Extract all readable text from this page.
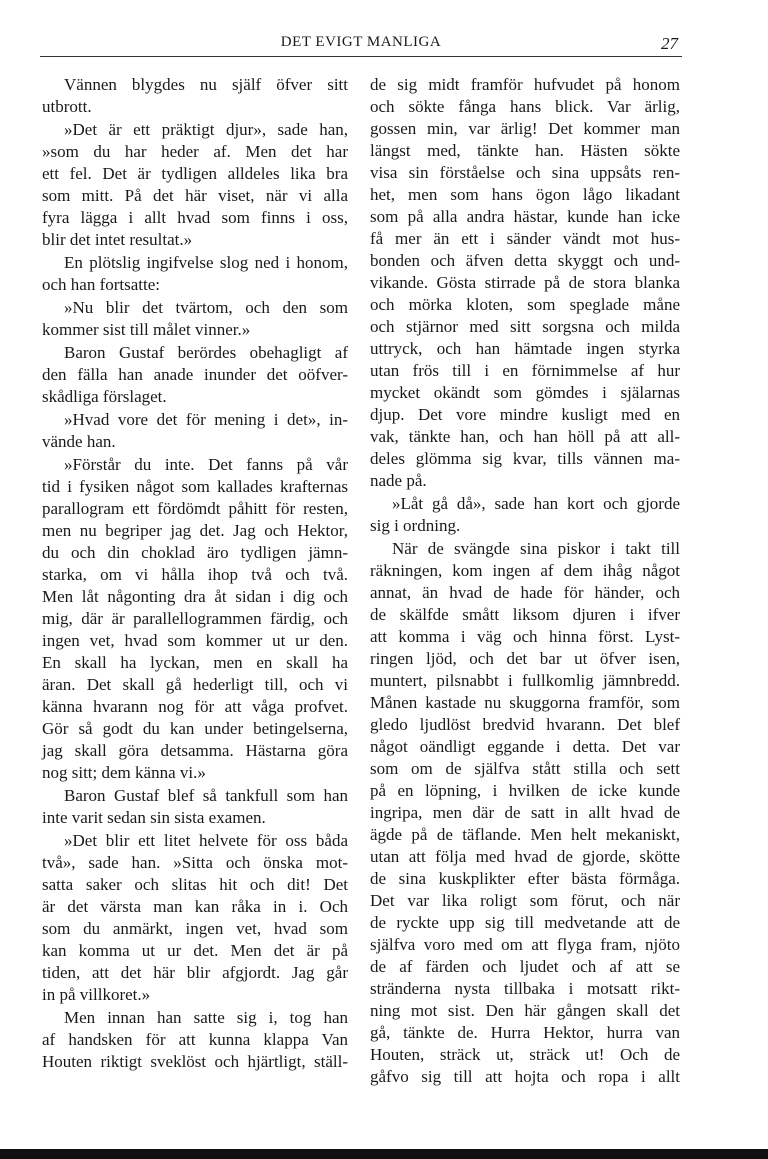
DET EVIGT MANLIGA	27
Vännen blygdes nu själf öfver sitt
utbrott.
»Det är ett präktigt djur», sade han,
»som du har heder af. Men det har
ett fel. Det är tydligen alldeles lika bra
som mitt. På det här viset, när vi alla
fyra lägga i allt hvad som finns i oss,
blir det intet resultat.»
En plötslig ingifvelse slog ned i honom,
och han fortsatte:
»Nu blir det tvärtom, och den som
kommer sist till målet vinner.»
Baron Gustaf berördes obehagligt af
den fälla han anade inunder det oöfver-
skådliga förslaget.
»Hvad vore det för mening i det», in-
vände han.
»Förstår du inte. Det fanns på vår
tid i fysiken något som kallades krafternas
parallogram ett fördömdt påhitt för resten,
men nu begriper jag det. Jag och Hektor,
du och din choklad äro tydligen jämn-
starka, om vi hålla ihop två och två.
Men låt någonting dra åt sidan i dig och
mig, där är parallellogrammen färdig, och
ingen vet, hvad som kommer ut ur den.
En skall ha lyckan, men en skall ha
äran. Det skall gå hederligt till, och vi
känna hvarann nog för att våga profvet.
Gör så godt du kan under betingelserna,
jag skall göra detsamma. Hästarna göra
nog sitt; dem känna vi.»
Baron Gustaf blef så tankfull som han
inte varit sedan sin sista examen.
»Det blir ett litet helvete för oss båda
två», sade han. »Sitta och önska mot-
satta saker och slitas hit och dit! Det
är det värsta man kan råka in i. Och
som du anmärkt, ingen vet, hvad som
kan komma ut ur det. Men det är på
tiden, att det här blir afgjordt. Jag går
in på villkoret.»
Men innan han satte sig i, tog han
af handsken för att kunna klappa Van
Houten riktigt sveklöst och hjärtligt, ställ-
de sig midt framför hufvudet på honom
och sökte fånga hans blick. Var ärlig,
gossen min, var ärlig! Det kommer man
längst med, tänkte han. Hästen sökte
visa sin förståelse och sina uppsåts ren-
het, men som hans ögon lågo likadant
som på alla andra hästar, kunde han icke
få mer än ett i sänder vändt mot hus-
bonden och äfven detta skyggt och und-
vikande. Gösta stirrade på de stora blanka
och mörka kloten, som speglade måne
och stjärnor med sitt sorgsna och milda
uttryck, och han hämtade ingen styrka
utan frös till i en förnimmelse af hur
mycket okändt som gömdes i själarnas
djup. Det vore mindre kusligt med en
vak, tänkte han, och han höll på att all-
deles glömma sig kvar, tills vännen ma-
nade på.
»Låt gå då», sade han kort och gjorde
sig i ordning.
När de svängde sina piskor i takt till
räkningen, kom ingen af dem ihåg något
annat, än hvad de hade för händer, och
de skälfde smått liksom djuren i ifver
att komma i väg och hinna först. Lyst-
ringen ljöd, och det bar ut öfver isen,
muntert, pilsnabbt i fullkomlig jämnbredd.
Månen kastade nu skuggorna framför, som
gledo ljudlöst bredvid hvarann. Det blef
något oändligt eggande i detta. Det var
som om de själfva stått stilla och sett
på en löpning, i hvilken de icke kunde
ingripa, men där de satt in allt hvad de
ägde på de täflande. Men helt mekaniskt,
utan att följa med hvad de gjorde, skötte
de sina kuskplikter efter bästa förmåga.
Det var lika roligt som förut, och när
de ryckte upp sig till medvetande att de
själfva voro med om att flyga fram, njöto
de af färden och ljudet och af att se
stränderna nysta tillbaka i motsatt rikt-
ning mot sist. Den här gången skall det
gå, tänkte de. Hurra Hektor, hurra van
Houten, sträck ut, sträck ut! Och de
gåfvo sig till att hojta och ropa i allt
